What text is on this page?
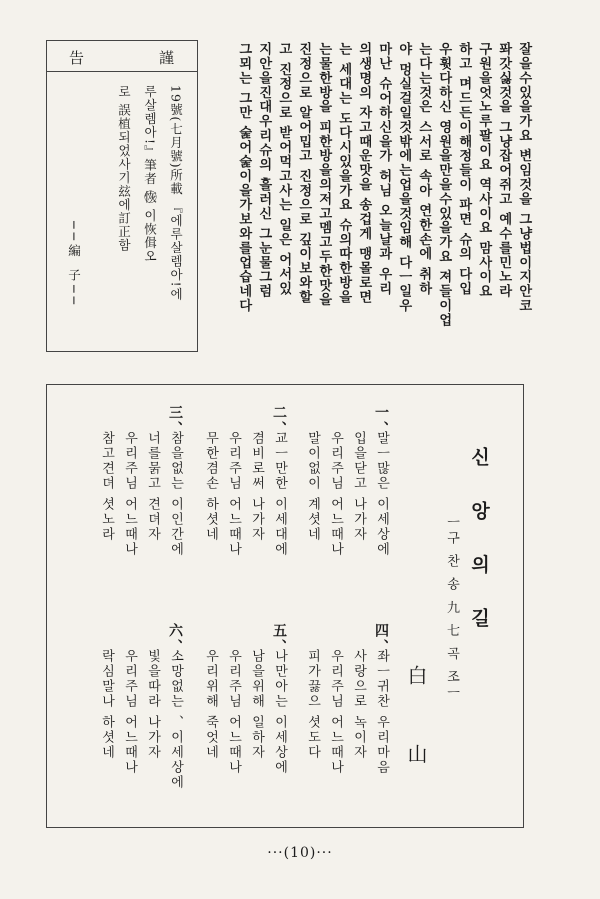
잘을수있을가요 변임것을 그냥법이지안코
퐈갓싫것을 그냥잡어쥐고 예수를민노라
구원을엇노루팔이요 역사이요 맘사이요
하고 며드든이해정들이 파면 슈의 다입
우휫다하신 영원을만을수있을가요 져들이업
는다는것은 스서로 속아 연한손에 취하
야 멍실걸일것밖에는업을것임해 다ㅡ일우
마난 슈어하신을가 허님 오늘날과 우리
의생명의 자고때운맛을 송겁게 맹몰로면
는 세대는 도다시있을가요 슈의따한방을
는물한방을 피한방을의저고멤고두한맛을
진정으로 알어밉고 진정으로 깊이보와할
고 진정으로 받어먹고사는 일은 어서있
지안을진대우리슈의 흘러신 그눈물그럼
그뫼는 그만 숥어숥이을가보와를업습네다
告	謹
19號(七月號)所載 『에루살렘아!에
루살렘아!』筆者 恢⃝ 이恢偮오
로 誤植되었사기玆에訂正함
──編 子──
신 앙 의 길
ㅡ구 찬 송 九 七 곡 조ㅡ
白 山
一、
말ㅡ많은 이세상에
입을닫고 나가자
우리주님 어느때나
말이없이 계셧네
二、
교ㅡ만한 이세대에
겸비로써 나가자
우리주님 어느때나
무한겸손 하셧네
三、
참을없는 이인간에
너를묽고 견뎌자
우리주님 어느때나
참고견뎌 셧노라
四、
좌ㅡ귀찬 우리마음
사랑으로 녹이자
우리주님 어느때나
피가끓으 셧도다
五、
나만아는 이세상에
남을위해 일하자
우리주님 어느때나
우리위해 죽엇네
六、
소망없는 、이세상에
빛을따라 나가자
우리주님 어느때나
락심말나 하셧네
···(10)···
